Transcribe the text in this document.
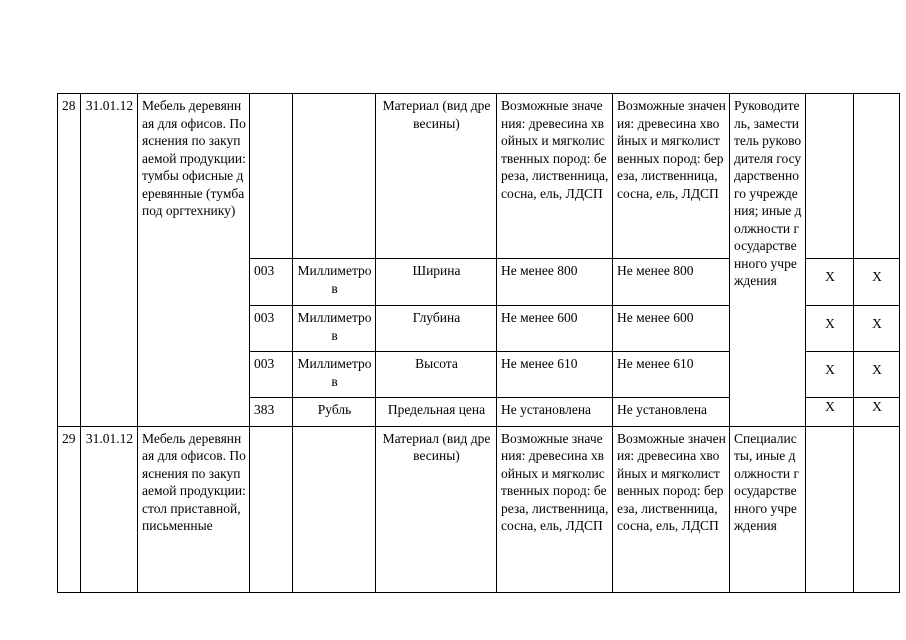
28	31.01.12	Мебель деревянная для офисов. Пояснения по закупаемой продукции: тумбы офисные деревянные (тумба под оргтехнику)			Материал (вид древесины)	Возможные значения: древесина хвойных и мягколиственных пород: береза, лиственница, сосна, ель, ЛДСП	Возможные значения: древесина хвойных и мягколиственных пород: береза, лиственница, сосна, ель, ЛДСП	Руководитель, заместитель руководителя государственного учреждения; иные должности государственного учреждения		
			003	Миллиметров	Ширина	Не менее 800	Не менее 800		X	X
			003	Миллиметров	Глубина	Не менее 600	Не менее 600		X	X
			003	Миллиметров	Высота	Не менее 610	Не менее 610		X	X
			383	Рубль	Предельная цена	Не установлена	Не установлена		X	X
29	31.01.12	Мебель деревянная для офисов. Пояснения по закупаемой продукции: стол приставной, письменные			Материал (вид древесины)	Возможные значения: древесина хвойных и мягколиственных пород: береза, лиственница, сосна, ель, ЛДСП	Возможные значения: древесина хвойных и мягколиственных пород: береза, лиственница, сосна, ель, ЛДСП	Специалисты, иные должности государственного учреждения		
